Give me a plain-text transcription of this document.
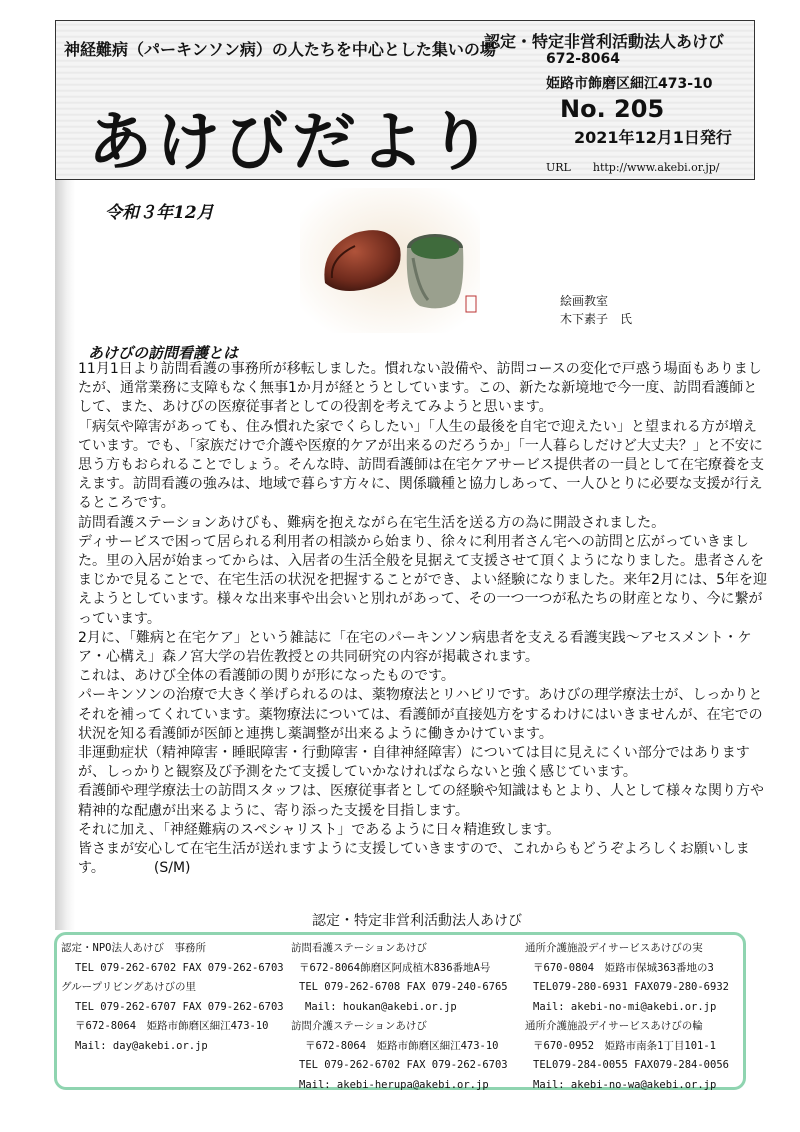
神経難病（パーキンソン病）の人たちを中心とした集いの場
あけびだより
認定・特定非営利活動法人あけび
672-8064
姫路市飾磨区細江473-10
No. 205
2021年12月1日発行
URL http://www.akebi.or.jp/
令和３年12月
絵画教室
木下素子　氏
あけびの訪問看護とは

11月1日より訪問看護の事務所が移転しました。慣れない設備や、訪問コースの変化で戸惑う場面もありましたが、通常業務に支障もなく無事1か月が経とうとしています。この、新たな新境地で今一度、訪問看護師として、また、あけびの医療従事者としての役割を考えてみようと思います。

「病気や障害があっても、住み慣れた家でくらしたい」「人生の最後を自宅で迎えたい」と望まれる方が増えています。でも、「家族だけで介護や医療的ケアが出来るのだろうか」「一人暮らしだけど大丈夫？」と不安に思う方もおられることでしょう。そんな時、訪問看護師は在宅ケアサービス提供者の一員として在宅療養を支えます。訪問看護の強みは、地域で暮らす方々に、関係職種と協力しあって、一人ひとりに必要な支援が行えるところです。

訪問看護ステーションあけびも、難病を抱えながら在宅生活を送る方の為に開設されました。

ディサービスで困って居られる利用者の相談から始まり、徐々に利用者さん宅への訪問と広がっていきました。里の入居が始まってからは、入居者の生活全般を見据えて支援させて頂くようになりました。患者さんをまじかで見ることで、在宅生活の状況を把握することができ、よい経験になりました。来年2月には、5年を迎えようとしています。様々な出来事や出会いと別れがあって、その一つ一つが私たちの財産となり、今に繋がっています。

2月に、「難病と在宅ケア」という雑誌に「在宅のパーキンソン病患者を支える看護実践～アセスメント・ケア・心構え」森ノ宮大学の岩佐教授との共同研究の内容が掲載されます。

これは、あけび全体の看護師の関りが形になったものです。

パーキンソンの治療で大きく挙げられるのは、薬物療法とリハビリです。あけびの理学療法士が、しっかりとそれを補ってくれています。薬物療法については、看護師が直接処方をするわけにはいきませんが、在宅での状況を知る看護師が医師と連携し薬調整が出来るように働きかけています。

非運動症状（精神障害・睡眠障害・行動障害・自律神経障害）については目に見えにくい部分ではありますが、しっかりと観察及び予測をたて支援していかなければならないと強く感じています。

看護師や理学療法士の訪問スタッフは、医療従事者としての経験や知識はもとより、人として様々な関り方や精神的な配慮が出来るように、寄り添った支援を目指します。

それに加え、「神経難病のスペシャリスト」であるように日々精進致します。

皆さまが安心して在宅生活が送れますように支援していきますので、これからもどうぞよろしくお願いします。　　　　(S/M)

認定・特定非営利活動法人あけび
認定・NPO法人あけび　事務所
TEL 079-262-6702 FAX 079-262-6703
グループリビングあけびの里
TEL 079-262-6707 FAX 079-262-6703
〒672-8064　姫路市飾磨区細江473-10
Mail: day@akebi.or.jp
訪問看護ステーションあけび
〒672-8064飾磨区阿成植木836番地A号
TEL 079-262-6708 FAX 079-240-6765
Mail: houkan@akebi.or.jp
訪問介護ステーションあけび
〒672-8064　姫路市飾磨区細江473-10
TEL 079-262-6702 FAX 079-262-6703
Mail: akebi-herupa@akebi.or.jp
通所介護施設デイサービスあけびの実
〒670-0804　姫路市保城363番地の3
TEL079-280-6931 FAX079-280-6932
Mail: akebi-no-mi@akebi.or.jp
通所介護施設デイサービスあけびの輪
〒670-0952　姫路市南条1丁目101-1
TEL079-284-0055 FAX079-284-0056
Mail: akebi-no-wa@akebi.or.jp
